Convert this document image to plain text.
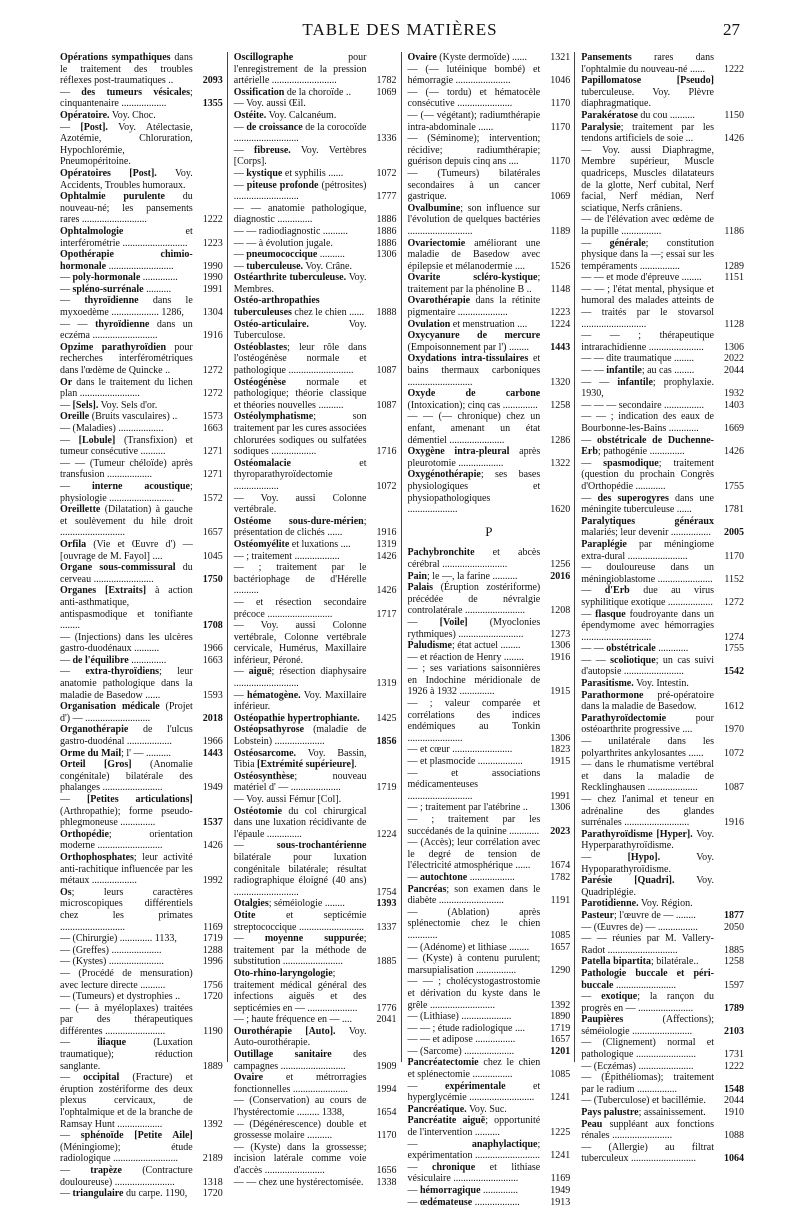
TABLE DES MATIÈRES	27
Opérations sympathiques dans le traitement des troubles réflexes post-traumatiques ..	2093
— des tumeurs vésicales; cinquantenaire ..................	1355
Opératoire. Voy. Choc.
— [Post]. Voy. Atélectasie, Azotémie, Chloruration, Hypochlorémie, Pneumopéritoine.
Opératoires [Post]. Voy. Accidents, Troubles humoraux.
Ophtalmie purulente du nouveau-né; les pansements rares ..........................	1222
Ophtalmologie et interférométrie ..........................	1223
Opothérapie chimio-hormonale ..........................	1990
— poly-hormonale ..............	1990
— spléno-surrénale ..........	1991
— thyroïdienne dans le myxoedème ................... 1286,	1304
— — thyroïdienne dans un eczéma ..........................	1916
Opzime parathyroïdien pour recherches interférométriques dans l'œdème de Quincke ..	1272
Or dans le traitement du lichen plan ........................	1272
— [Sels]. Voy. Sels d'or.
Oreille (Bruits vasculaires) ..	1573
— (Maladies) ..................	1663
— [Lobule] (Transfixion) et tumeur consécutive ..........	1271
— — (Tumeur chéloïde) après transfusion ..................	1271
— interne acoustique; physiologie ..........................	1572
Oreillette (Dilatation) à gauche et soulèvement du hile droit ..........................	1657
Orfila (Vie et Œuvre d') — [ouvrage de M. Fayol] ....	1045
Organe sous-commissural du cerveau ........................	1750
Organes [Extraits] à action anti-asthmatique, antispasmodique et tonifiante ........	1708
— (Injections) dans les ulcères gastro-duodénaux ..........	1966
— de l'équilibre ..............	1663
— extra-thyroïdiens; leur anatomie pathologique dans la maladie de Basedow ......	1593
Organisation médicale (Projet d') — ..........................	2018
Organothérapie de l'ulcus gastro-duodénal ..................	1966
Orme du Mail; l' — ..........	1443
Orteil [Gros] (Anomalie congénitale) bilatérale des phalanges ........................	1949
— [Petites articulations] (Arthropathie); forme pseudo-phlegmoneuse ..............	1537
Orthopédie; orientation moderne ..........................	1426
Orthophosphates; leur activité anti-rachitique influencée par les métaux ..................	1992
Os; leurs caractères microscopiques différentiels chez les primates ..........................	1169
— (Chirurgie) ............. 1133,	1719
— (Greffes) ....................	1288
— (Kystes) ......................	1996
— (Procédé de mensuration) avec lecture directe ..........	1756
— (Tumeurs) et dystrophies ..	1720
— (— à myéloplaxes) traitées par des thérapeutiques différentes ........................	1190
— iliaque (Luxation traumatique); réduction sanglante.	1889
— occipital (Fracture) et éruption zostériforme des deux plexus cervicaux, de l'ophtalmique et de la branche de Ramsay Hunt ..................	1392
— sphénoïde [Petite Aile] (Méningiome); étude radiologique ..........................	2189
— trapèze (Contracture douloureuse) ........................	1318
— triangulaire du carpe. 1190,	1720
Oscillographe pour l'enregistrement de la pression artérielle ..........................	1782
Ossification de la choroïde ..	1069
— Voy. aussi Œil.
Ostéite. Voy. Calcanéum.
— de croissance de la corocoïde ..........................	1336
— fibreuse. Voy. Vertèbres [Corps].
— kystique et syphilis ......	1072
— piteuse profonde (pétrosites) ..........................	1777
— — anatomie pathologique, diagnostic ..............	1886
— — radiodiagnostic ..........	1886
— — à évolution jugale.	1886
— pneumococcique ..........	1306
— tuberculeuse. Voy. Crâne.
Ostéarthrite tuberculeuse. Voy. Membres.
Ostéo-arthropathies tuberculeuses chez le chien ......	1888
Ostéo-articulaire. Voy. Tuberculose.
Ostéoblastes; leur rôle dans l'ostéogénèse normale et pathologique ..........................	1087
Ostéogénèse normale et pathologique; théorie classique et théories nouvelles ..........	1087
Ostéolymphatisme; son traitement par les cures associées chlorurées sodiques ou sulfatées sodiques ..................	1716
Ostéomalacie et thyroparathyroïdectomie ..................	1072
— Voy. aussi Colonne vertébrale.
Ostéome sous-dure-mérien; présentation de clichés ......	1916
Ostéomyélite et luxations ....	1319
— ; traitement ..................	1426
— ; traitement par le bactériophage de d'Hérelle ..........	1426
— et résection secondaire précoce ..........................	1717
— Voy. aussi Colonne vertébrale, Colonne vertébrale cervicale, Humérus, Maxillaire inférieur, Péroné.
— aiguë; résection diaphysaire ..........................	1319
— hématogène. Voy. Maxillaire inférieur.
Ostéopathie hypertrophiante.	1425
Ostéopsathyrose (maladie de Lobstein) ....................	1856
Ostéosarcome. Voy. Bassin, Tibia [Extrémité supérieure].
Ostéosynthèse; nouveau matériel d' — ....................	1719
— Voy. aussi Fémur [Col].
Ostéotomie du col chirurgical dans une luxation récidivante de l'épaule ..............	1224
— sous-trochantérienne bilatérale pour luxation congénitale bilatérale; résultat radiographique éloigné (40 ans) ..........................	1754
Otalgies; séméiologie ........	1393
Otite et septicémie streptococcique ..........................	1337
— moyenne suppurée; traitement par la méthode de substitution ........................	1885
Oto-rhino-laryngologie; traitement médical général des infections aiguës et des septicémies en — ....................	1776
— ; haute fréquence en — ....	2041
Ourothérapie [Auto]. Voy. Auto-ourothérapie.
Outillage sanitaire des campagnes ..........................	1909
Ovaire et métrorragies fonctionnelles ......................	1994
— (Conservation) au cours de l'hystérectomie ......... 1338,	1654
— (Dégénérescence) double et grossesse molaire ..........	1170
— (Kyste) dans la grossesse; incision latérale comme voie d'accès ........................	1656
— — chez une hystérectomisée.	1338
Ovaire (Kyste dermoïde) ......	1321
— (— lutéinique bombé) et hémorragie ......................	1046
— (— tordu) et hématocèle consécutive ......................	1170
— (— végétant); radiumthérapie intra-abdominale ......	1170
— (Séminome); intervention; récidive; radiumthérapie; guérison depuis cinq ans ....	1170
— (Tumeurs) bilatérales secondaires à un cancer gastrique.	1069
Ovalbumine; son influence sur l'évolution de quelques bactéries ..........................	1189
Ovariectomie améliorant une maladie de Basedow avec épilepsie et mélanodermie ....	1526
Ovarite scléro-kystique; traitement par la phénoline B ..	1148
Ovarothérapie dans la rétinite pigmentaire ....................	1223
Ovulation et menstruation ....	1224
Oxycyanure de mercure (Empoisonnement par l') ........	1443
Oxydations intra-tissulaires et bains thermaux carboniques ..........................	1320
Oxyde de carbone (Intoxication); cinq cas ..............	1258
— — (— chronique) chez un enfant, amenant un état démentiel ......................	1286
Oxygène intra-pleural après pleurotomie ..................	1322
Oxygénothérapie; ses bases physiologiques et physiopathologiques ....................	1620
P
Pachybronchite et abcès cérébral ..........................	1256
Pain; le —, la farine ..........	2016
Palais (Éruption zostériforme) précédée de névralgie controlatérale ........................	1208
— [Voile] (Myoclonies rythmiques) ..........................	1273
Paludisme; état actuel ........	1306
— et réaction de Henry ........	1916
— ; ses variations saisonnières en Indochine méridionale de 1926 à 1932 ..............	1915
— ; valeur comparée et corrélations des indices endémiques au Tonkin ......................	1306
— et cœur ........................	1823
— et plasmocide ..................	1915
— et associations médicamenteuses ..........................	1991
— ; traitement par l'atébrine ..	1306
— ; traitement par les succédanés de la quinine ............	2023
— (Accès); leur corrélation avec le degré de tension de l'électricité atmosphérique ......	1674
— autochtone ..................	1782
Pancréas; son examen dans le diabète ..........................	1191
— (Ablation) après splénectomie chez le chien ............	1085
— (Adénome) et lithiase ........	1657
— (Kyste) à contenu purulent; marsupialisation ................	1290
— — ; cholécystogastrostomie et dérivation du kyste dans le grêle ..........................	1392
— (Lithiase) ....................	1890
— — ; étude radiologique ....	1719
— — et adipose ................	1657
— (Sarcome) ....................	1201
Pancréatectomie chez le chien et splénectomie ................	1085
— expérimentale et hyperglycémie ..........................	1241
Pancréatique. Voy. Suc.
Pancréatite aiguë; opportunité de l'intervention ..........	1225
— anaphylactique; expérimentation ..........................	1241
— chronique et lithiase vésiculaire ..........................	1169
— hémorragique ..............	1949
— œdémateuse ..................	1913
Pansements rares dans l'ophtalmie du nouveau-né ......	1222
Papillomatose [Pseudo] tuberculeuse. Voy. Plèvre diaphragmatique.
Parakératose du cou ..........	1150
Paralysie; traitement par les tendons artificiels de soie ...	1426
— Voy. aussi Diaphragme, Membre supérieur, Muscle quadriceps, Muscles dilatateurs de la glotte, Nerf cubital, Nerf facial, Nerf médian, Nerf sciatique, Nerfs crâniens.
— de l'élévation avec œdème de la pupille ................	1186
— générale; constitution physique dans la —; essai sur les tempéraments ................	1289
— — et mode d'épreuve ........	1151
— — ; l'état mental, physique et humoral des malades atteints de — traités par le stovarsol ..........................	1128
— — ; thérapeutique intrarachidienne ......................	1306
— — dite traumatique ........	2022
— — infantile; au cas ........	2044
— — infantile; prophylaxie. 1930,	1932
— — — secondaire ................	1403
— — ; indication des eaux de Bourbonne-les-Bains ............	1669
— obstétricale de Duchenne-Erb; pathogénie ..............	1426
— spasmodique; traitement (question du prochain Congrès d'Orthopédie ............	1755
— des superogyres dans une méningite tuberculeuse ......	1781
Paralytiques généraux malariés; leur devenir ................	2005
Paraplégie par méningiome extra-dural ........................	1170
— douloureuse dans un méningioblastome ......................	1152
— d'Erb due au virus syphilitique exotique ..................	1272
— flasque foudroyante dans un épendymome avec hémorragies ............................	1274
— — obstétricale ............	1755
— — scoliotique; un cas suivi d'autopsie ........................	1542
Parasitisme. Voy. Intestin.
Parathormone pré-opératoire dans la maladie de Basedow.	1612
Parathyroïdectomie pour ostéoarthrite progressive ....	1970
— unilatérale dans les polyarthrites ankylosantes ......	1072
— dans le rhumatisme vertébral et dans la maladie de Recklinghausen ....................	1087
— chez l'animal et teneur en adrénaline des glandes surrénales ..........................	1916
Parathyroïdisme [Hyper]. Voy. Hyperparathyroïdisme.
— [Hypo]. Voy. Hypoparathyroïdisme.
Parésie [Quadri]. Voy. Quadriplégie.
Parotidienne. Voy. Région.
Pasteur; l'œuvre de — ........	1877
— (Œuvres de) — ................	2050
— — réunies par M. Vallery-Radot ............................	1885
Patella bipartita; bilatérale..	1258
Pathologie buccale et péri-buccale ........................	1597
— exotique; la rançon du progrès en — ......................	1789
Paupières (Affections); séméiologie ........................	2103
— (Clignement) normal et pathologique ........................	1731
— (Eczémas) ......................	1222
— (Épithéliomas); traitement par le radium ................	1548
— (Tuberculose) et bacillémie.	2044
Pays palustre; assainissement.	1910
Peau suppléant aux fonctions rénales ........................	1088
— (Allergie) au filtrat tuberculeux ..........................	1064
